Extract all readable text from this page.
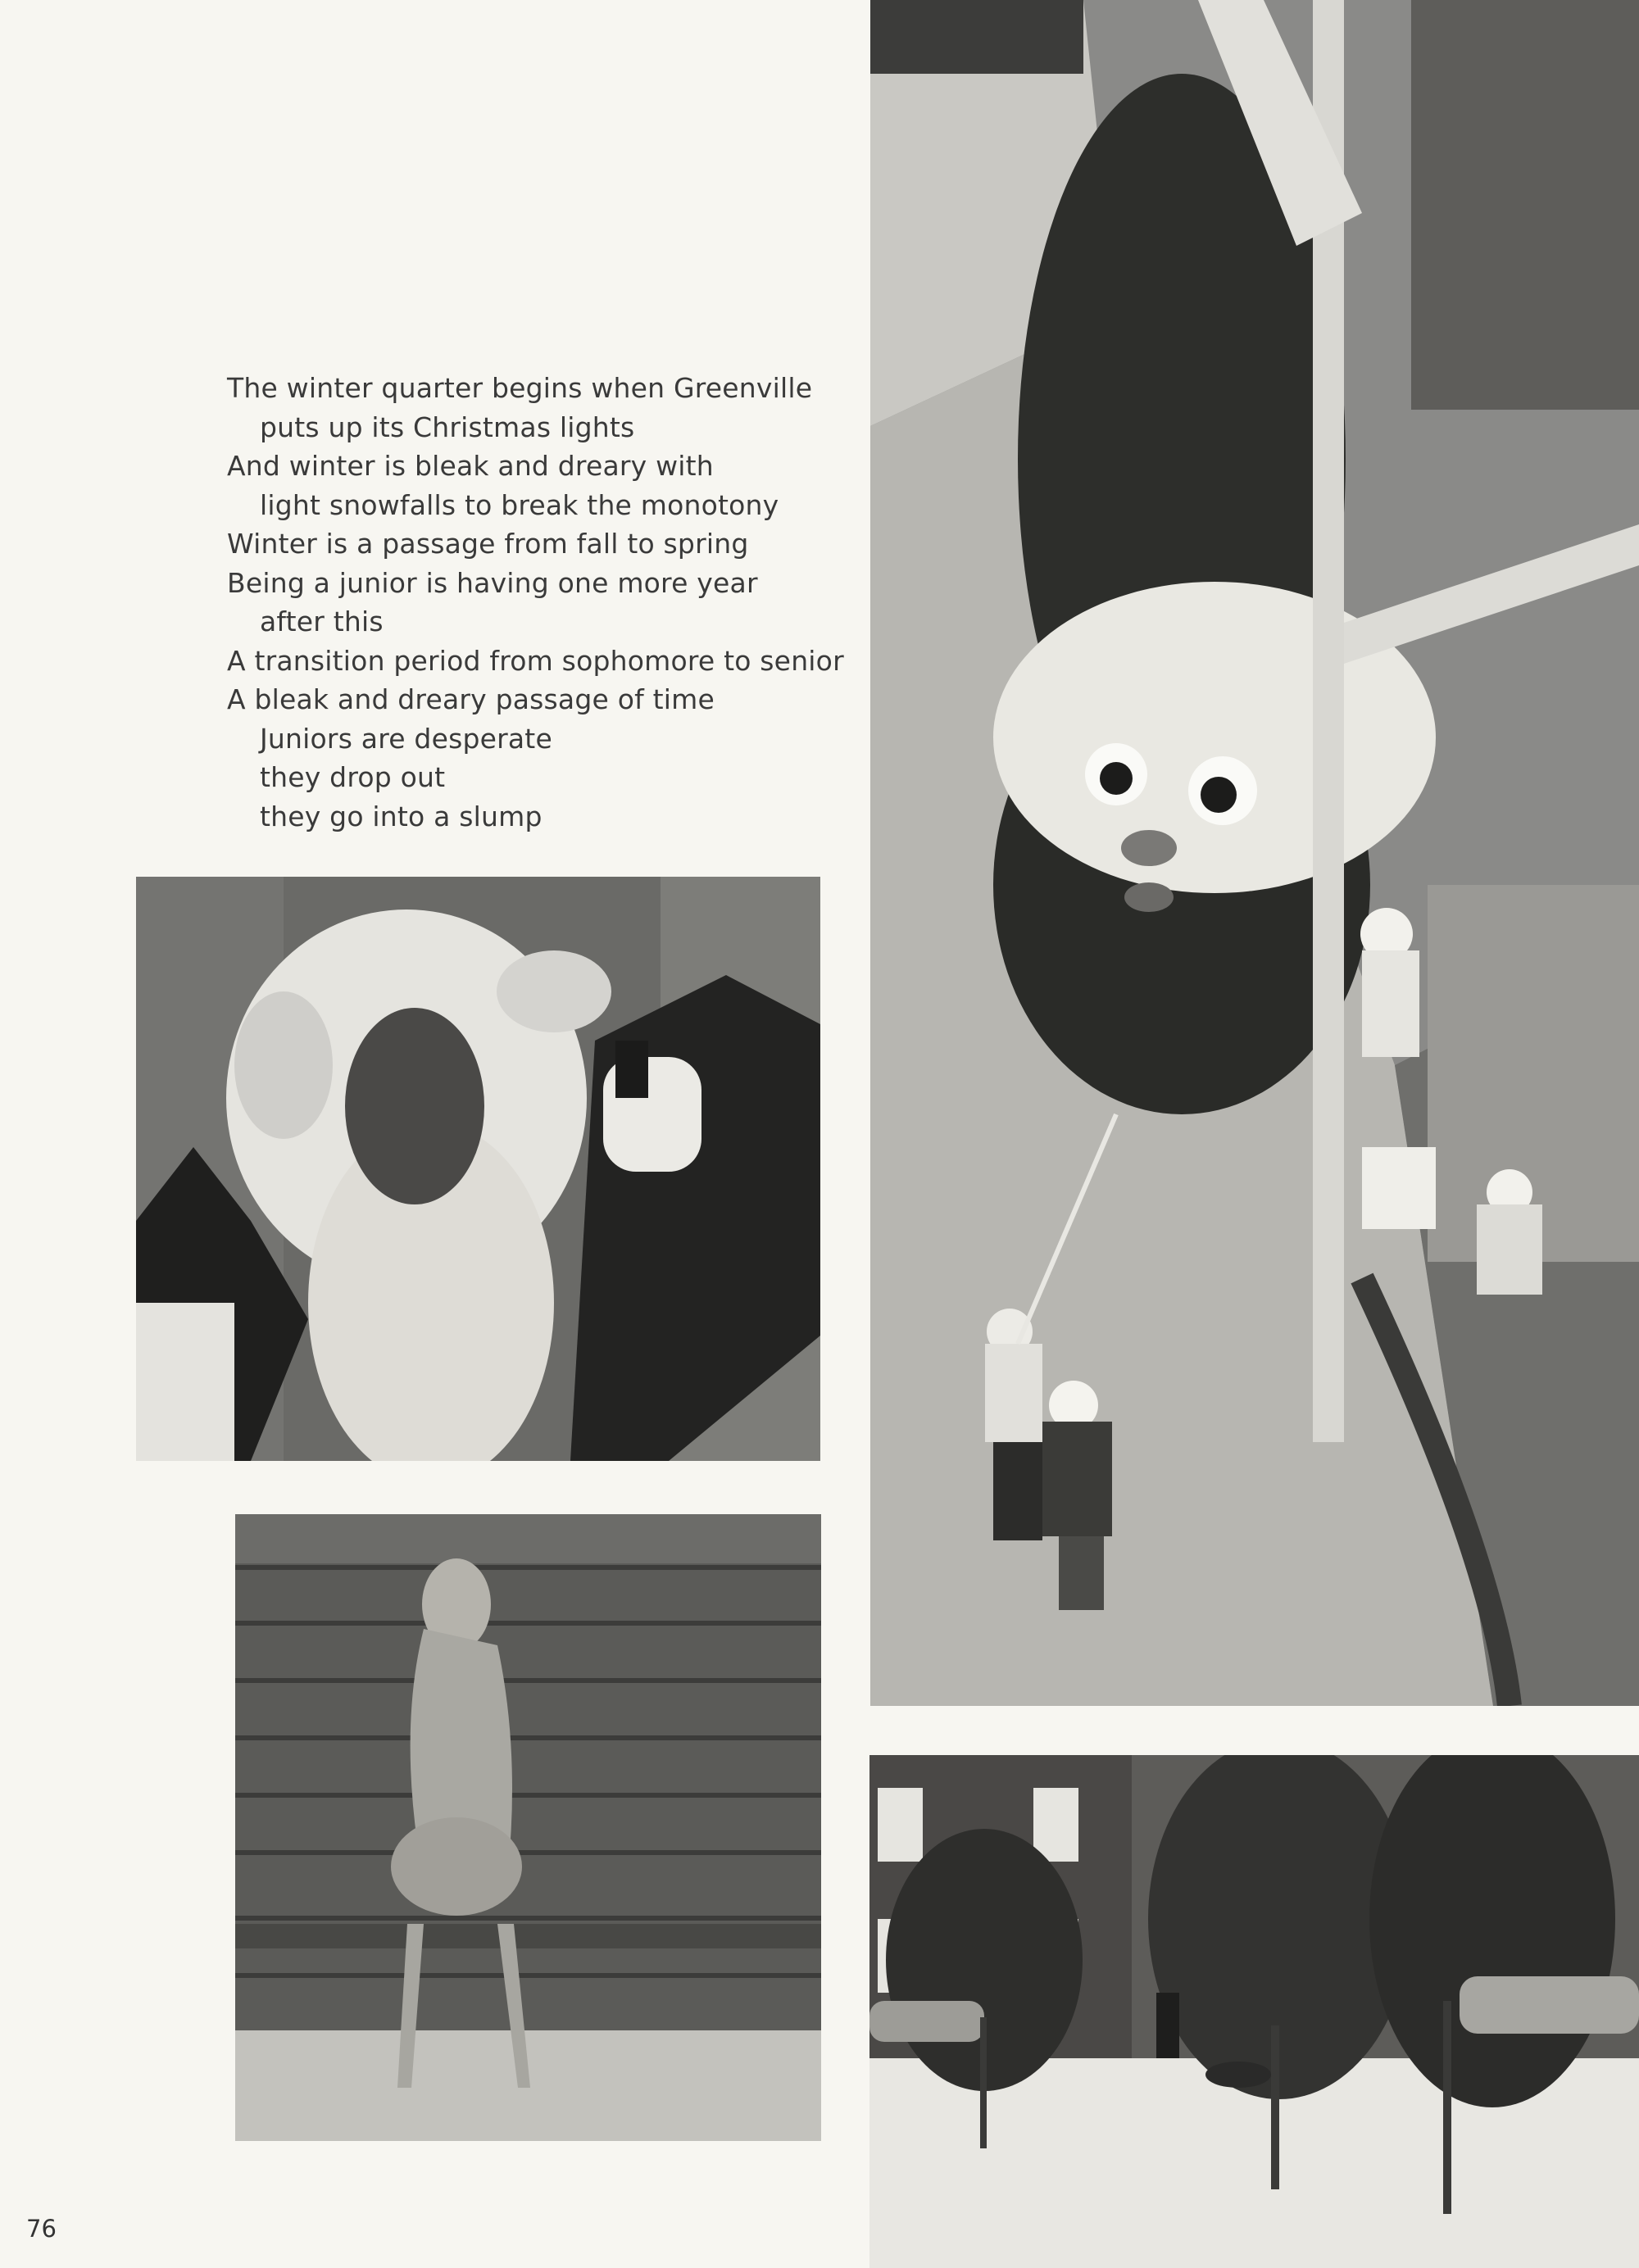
The winter quarter begins when Greenville
puts up its Christmas lights
And winter is bleak and dreary with
light snowfalls to break the monotony
Winter is a passage from fall to spring
Being a junior is having one more year
after this
A transition period from sophomore to senior
A bleak and dreary passage of time
Juniors are desperate
they drop out
they go into a slump
76
